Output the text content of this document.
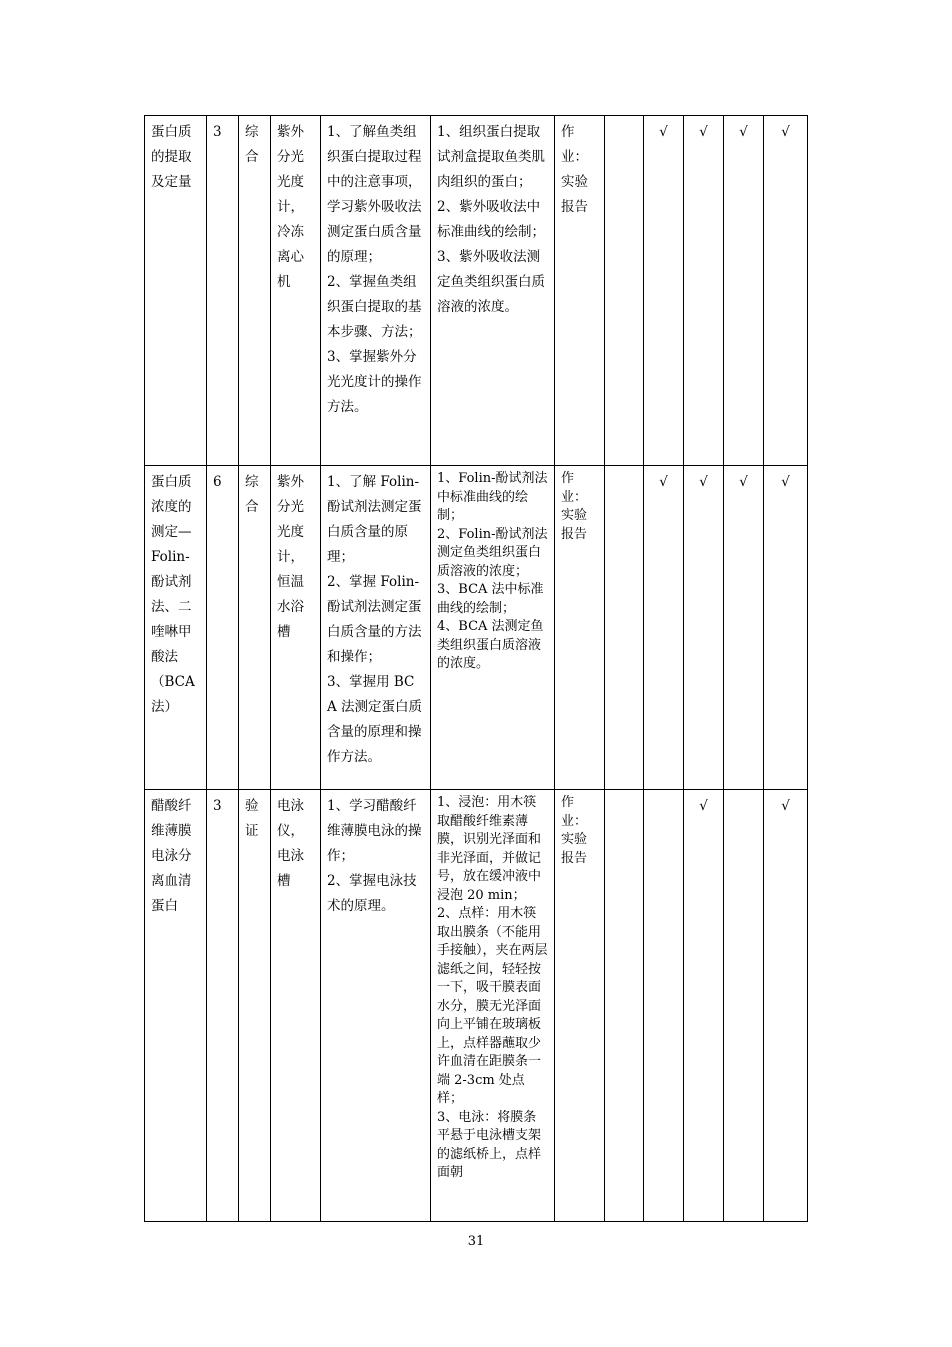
蛋白质的提取及定量	3	综合	紫外分光光度计，冷冻离心机	1、了解鱼类组织蛋白提取过程中的注意事项，学习紫外吸收法测定蛋白质含量的原理；
2、掌握鱼类组织蛋白提取的基本步骤、方法；
3、掌握紫外分光光度计的操作方法。	1、组织蛋白提取试剂盒提取鱼类肌肉组织的蛋白；
2、紫外吸收法中标准曲线的绘制；
3、紫外吸收法测定鱼类组织蛋白质溶液的浓度。	作业：实验报告		√	√	√	√
蛋白质浓度的测定—Folin-酚试剂法、二喹啉甲酸法（BCA法）	6	综合	紫外分光光度计，恒温水浴槽	1、了解 Folin-酚试剂法测定蛋白质含量的原理；
2、掌握 Folin-酚试剂法测定蛋白质含量的方法和操作；
3、掌握用 BCA 法测定蛋白质含量的原理和操作方法。	1、Folin-酚试剂法中标准曲线的绘制；
2、Folin-酚试剂法测定鱼类组织蛋白质溶液的浓度；
3、BCA 法中标准曲线的绘制；
4、BCA 法测定鱼类组织蛋白质溶液的浓度。	作业：实验报告		√	√	√	√
醋酸纤维薄膜电泳分离血清蛋白	3	验证	电泳仪，电泳槽	1、学习醋酸纤维薄膜电泳的操作；
2、掌握电泳技术的原理。	1、浸泡：用木筷取醋酸纤维素薄膜，识别光泽面和非光泽面，并做记号，放在缓冲液中浸泡 20 min；
2、点样：用木筷取出膜条（不能用手接触），夹在两层滤纸之间，轻轻按一下，吸干膜表面水分，膜无光泽面向上平铺在玻璃板上，点样器蘸取少许血清在距膜条一端 2-3cm 处点样；
3、电泳：将膜条平悬于电泳槽支架的滤纸桥上，点样面朝	作业：实验报告			√		√
31
